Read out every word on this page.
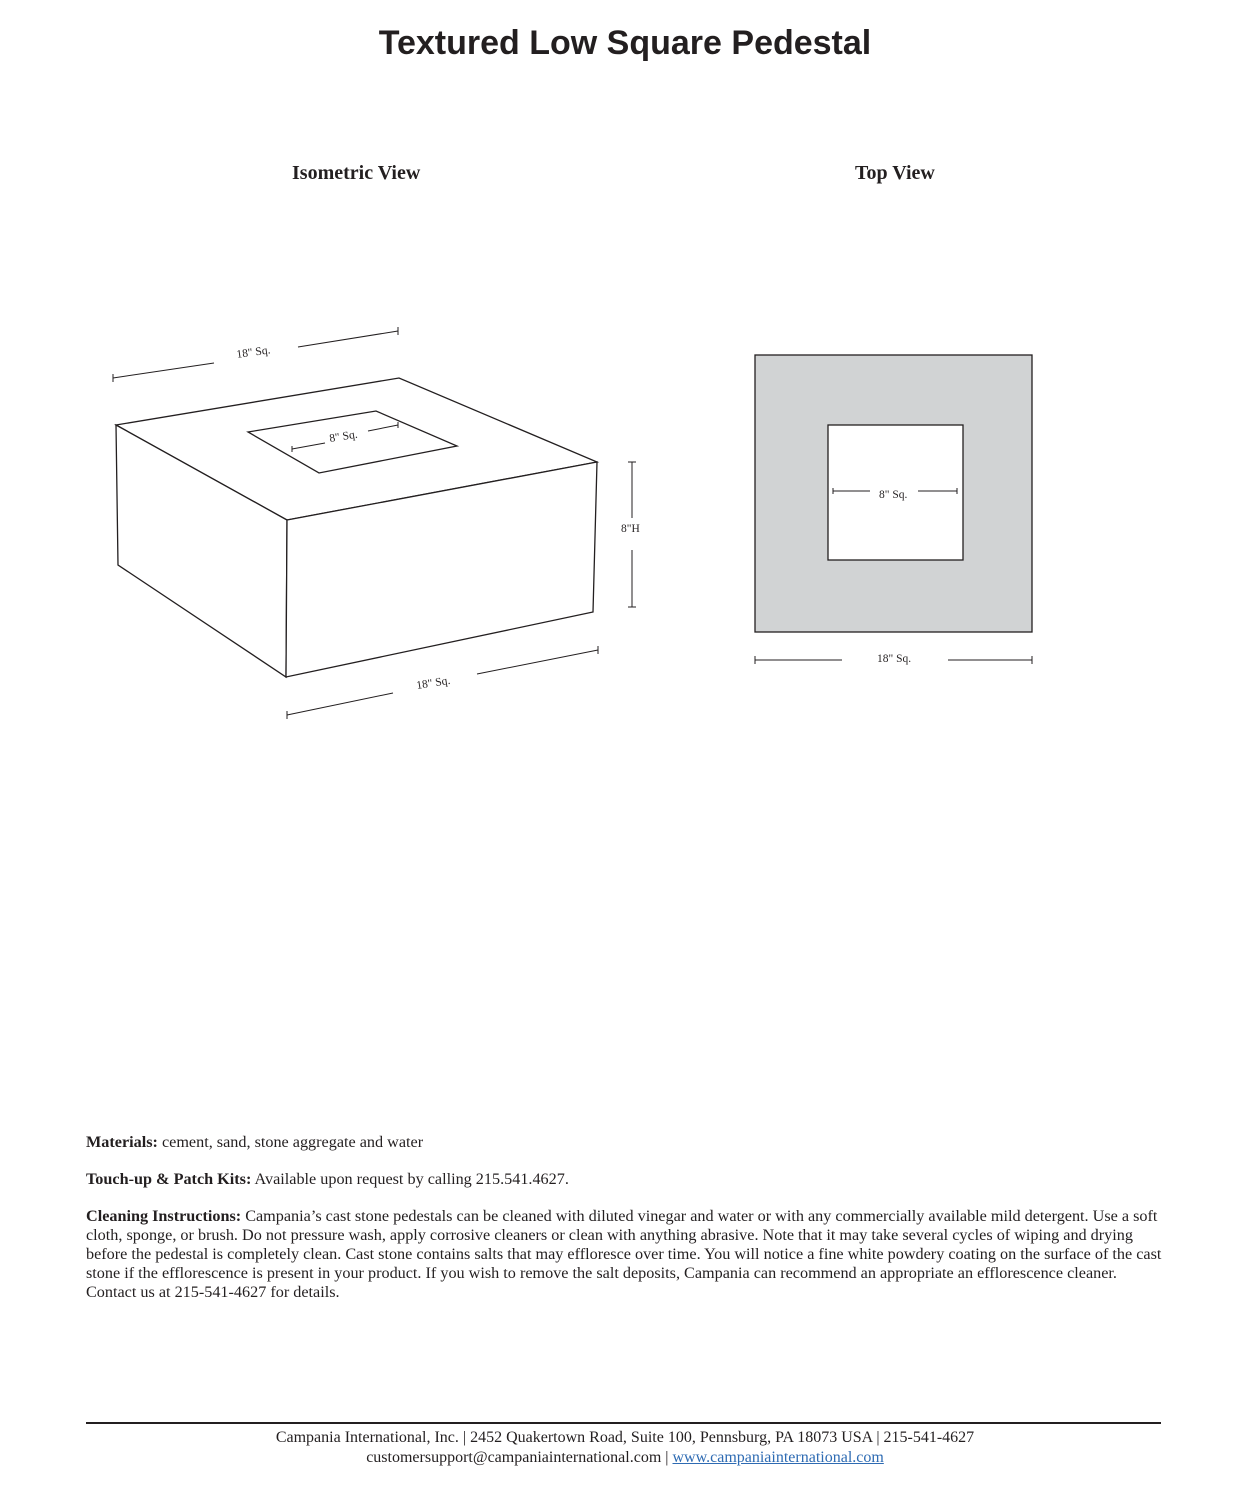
Textured Low Square Pedestal
Isometric View	Top View
18" Sq.
8" Sq.
8"H
18" Sq.
8" Sq.
18" Sq.

Materials: cement, sand, stone aggregate and water

Touch-up & Patch Kits: Available upon request by calling 215.541.4627.

Cleaning Instructions: Campania’s cast stone pedestals can be cleaned with diluted vinegar and water or with any commercially available mild detergent. Use a soft cloth, sponge, or brush. Do not pressure wash, apply corrosive cleaners or clean with anything abrasive. Note that it may take several cycles of wiping and drying before the pedestal is completely clean. Cast stone contains salts that may effloresce over time. You will notice a fine white powdery coating on the surface of the cast stone if the efflorescence is present in your product. If you wish to remove the salt deposits, Campania can recommend an appropriate an efflorescence cleaner. Contact us at 215-541-4627 for details.

Campania International, Inc. | 2452 Quakertown Road, Suite 100, Pennsburg, PA 18073 USA | 215-541-4627
customersupport@campaniainternational.com | www.campaniainternational.com
